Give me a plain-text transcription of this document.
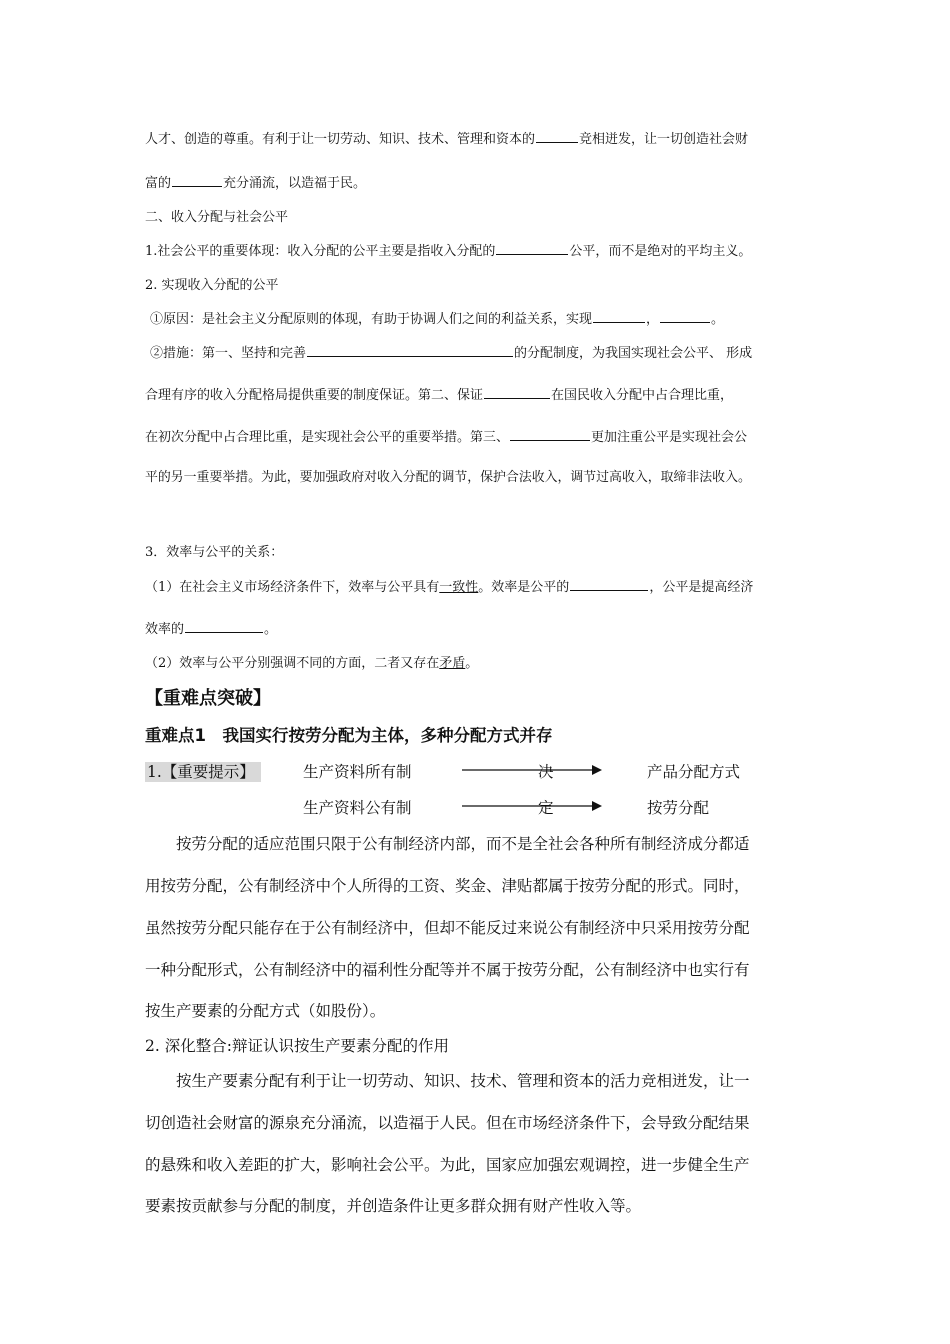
人才、创造的尊重。有利于让一切劳动、知识、技术、管理和资本的	竞相迸发，让一切创造社会财
富的	充分涌流，以造福于民。
二、收入分配与社会公平
1.社会公平的重要体现：收入分配的公平主要是指收入分配的	公平，而不是绝对的平均主义。
2. 实现收入分配的公平
①原因：是社会主义分配原则的体现，有助于协调人们之间的利益关系，实现	，	。
②措施：第一、坚持和完善	的分配制度，为我国实现社会公平、 形成
合理有序的收入分配格局提供重要的制度保证。第二、保证	在国民收入分配中占合理比重，
在初次分配中占合理比重，是实现社会公平的重要举措。第三、	更加注重公平是实现社会公
平的另一重要举措。为此，要加强政府对收入分配的调节，保护合法收入，调节过高收入，取缔非法收入。
3．效率与公平的关系：
（1）在社会主义市场经济条件下，效率与公平具有一致性。效率是公平的	，公平是提高经济
效率的	。
（2）效率与公平分别强调不同的方面，二者又存在矛盾。
【重难点突破】
重难点1　我国实行按劳分配为主体，多种分配方式并存
1.【重要提示】	生产资料所有制	决	产品分配方式
生产资料公有制	定	按劳分配
　　按劳分配的适应范围只限于公有制经济内部，而不是全社会各种所有制经济成分都适
用按劳分配，公有制经济中个人所得的工资、奖金、津贴都属于按劳分配的形式。同时，
虽然按劳分配只能存在于公有制经济中，但却不能反过来说公有制经济中只采用按劳分配
一种分配形式，公有制经济中的福利性分配等并不属于按劳分配，公有制经济中也实行有
按生产要素的分配方式（如股份）。
2. 深化整合:辩证认识按生产要素分配的作用
　　按生产要素分配有利于让一切劳动、知识、技术、管理和资本的活力竞相迸发，让一
切创造社会财富的源泉充分涌流，以造福于人民。但在市场经济条件下，会导致分配结果
的悬殊和收入差距的扩大，影响社会公平。为此，国家应加强宏观调控，进一步健全生产
要素按贡献参与分配的制度，并创造条件让更多群众拥有财产性收入等。
